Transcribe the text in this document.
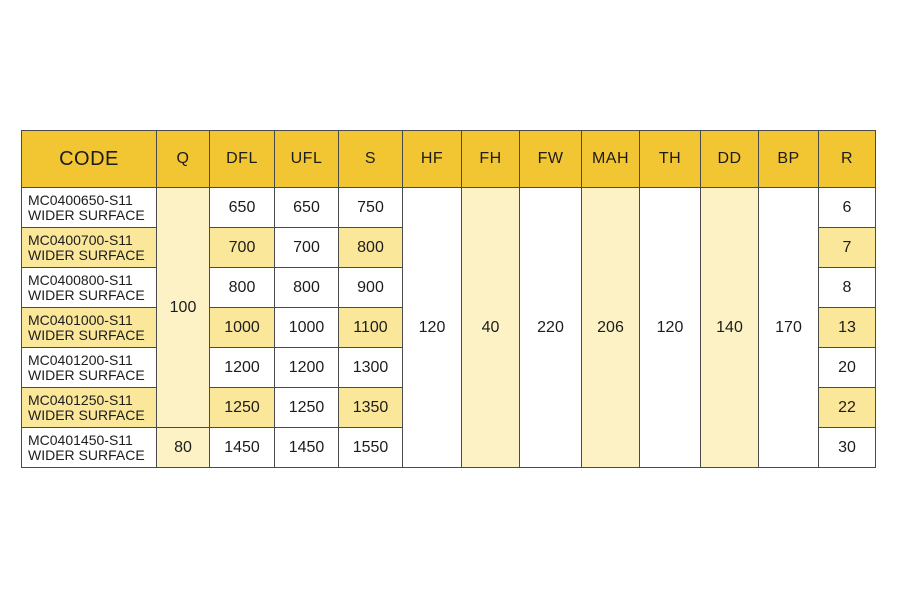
CODE	Q	DFL	UFL	S	HF	FH	FW	MAH	TH	DD	BP	R

MC0400650-S11
WIDER SURFACE	100	650	650	750	120	40	220	206	120	140	170	6

MC0400700-S11
WIDER SURFACE		700	700	800								7

MC0400800-S11
WIDER SURFACE		800	800	900								8

MC0401000-S11
WIDER SURFACE		1000	1000	1100								13

MC0401200-S11
WIDER SURFACE		1200	1200	1300								20

MC0401250-S11
WIDER SURFACE		1250	1250	1350								22

MC0401450-S11
WIDER SURFACE	80	1450	1450	1550								30
